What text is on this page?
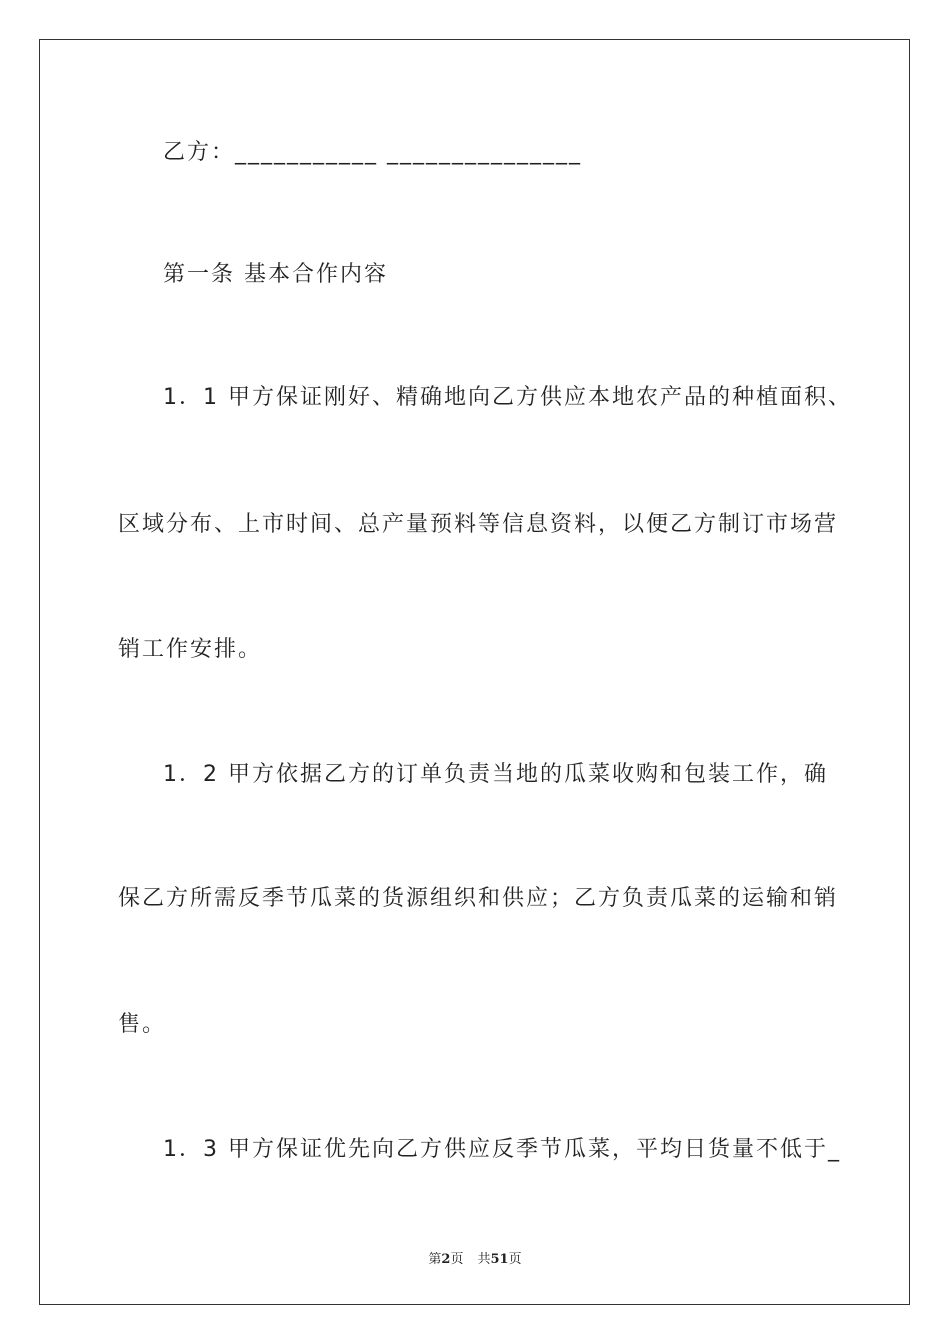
乙方：___________ _______________
第一条 基本合作内容
1．1 甲方保证刚好、精确地向乙方供应本地农产品的种植面积、
区域分布、上市时间、总产量预料等信息资料，以便乙方制订市场营
销工作安排。
1．2 甲方依据乙方的订单负责当地的瓜菜收购和包装工作，确
保乙方所需反季节瓜菜的货源组织和供应；乙方负责瓜菜的运输和销
售。
1．3 甲方保证优先向乙方供应反季节瓜菜，平均日货量不低于_
第2页 共51页
